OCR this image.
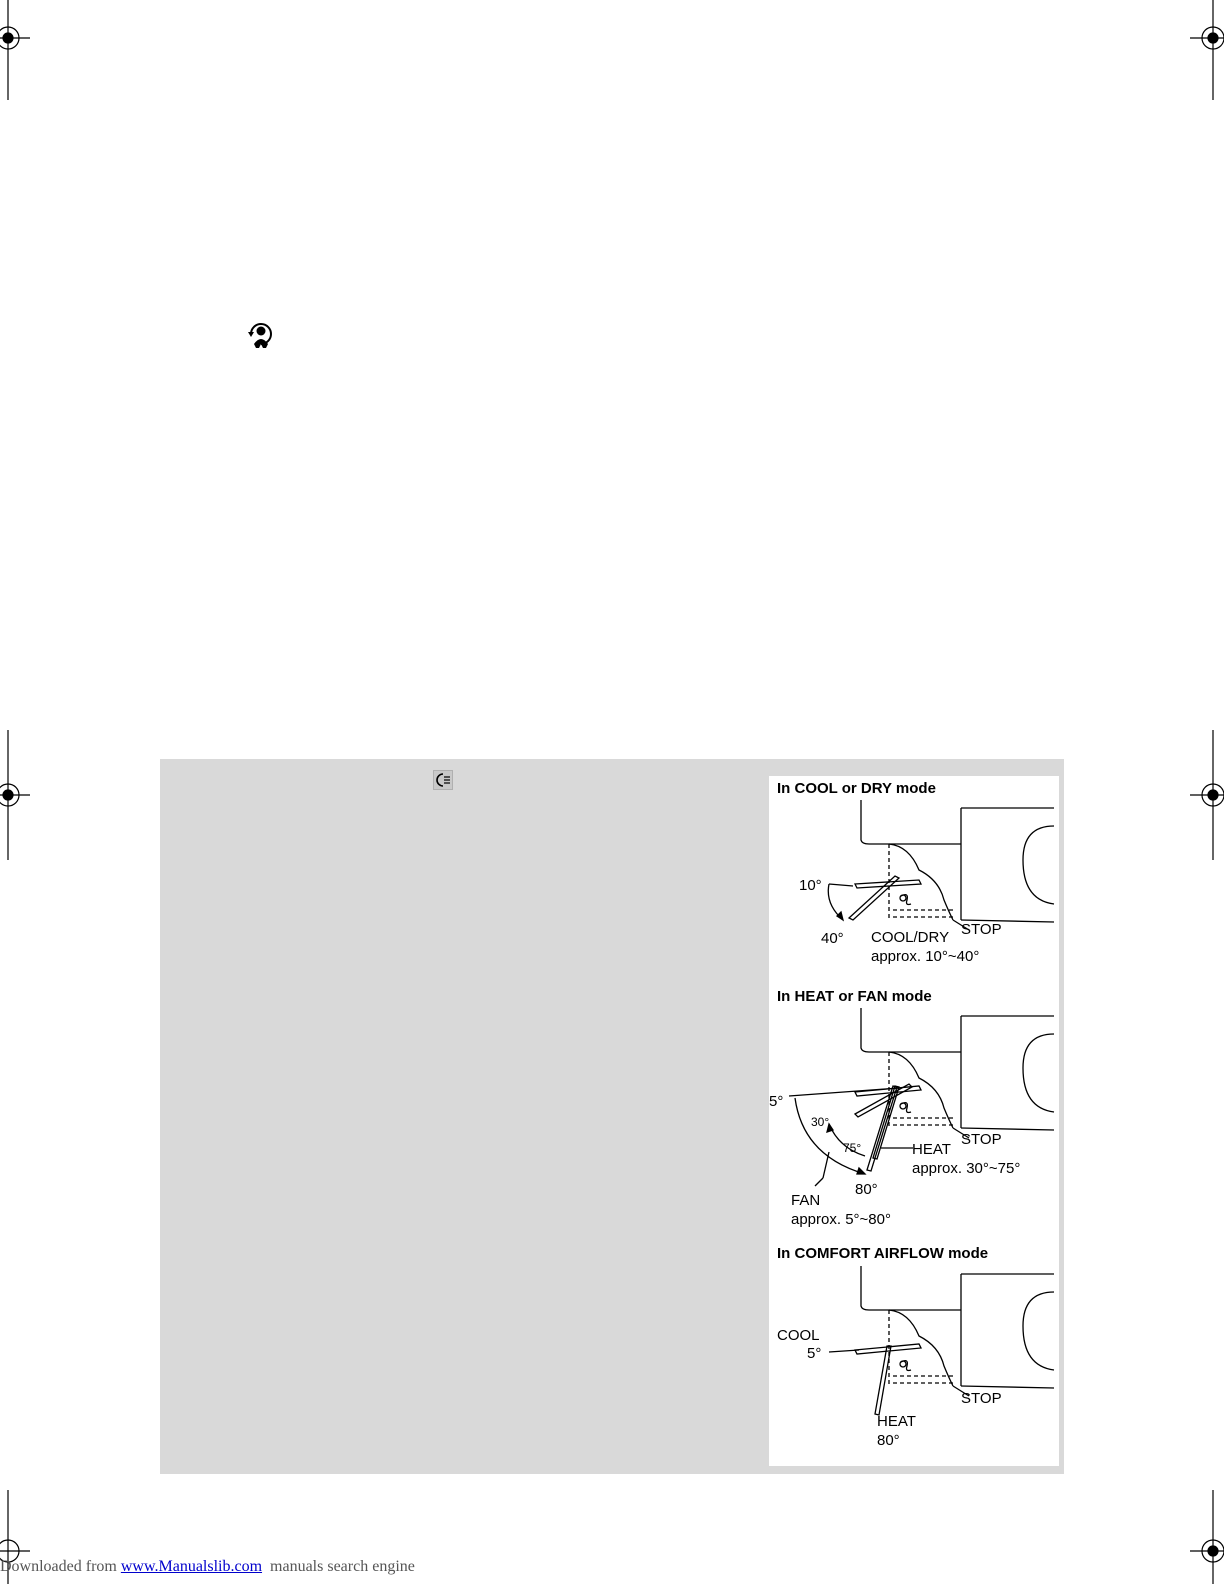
In COOL or DRY mode
10°
40° COOL/DRY
approx. 10°~40°
STOP
In HEAT or FAN mode
5°
30°
75°
80°
HEAT
approx. 30°~75°
STOP
FAN
approx. 5°~80°
In COMFORT AIRFLOW mode
COOL
5°
HEAT
80°
STOP
Downloaded from www.Manualslib.com  manuals search engine
